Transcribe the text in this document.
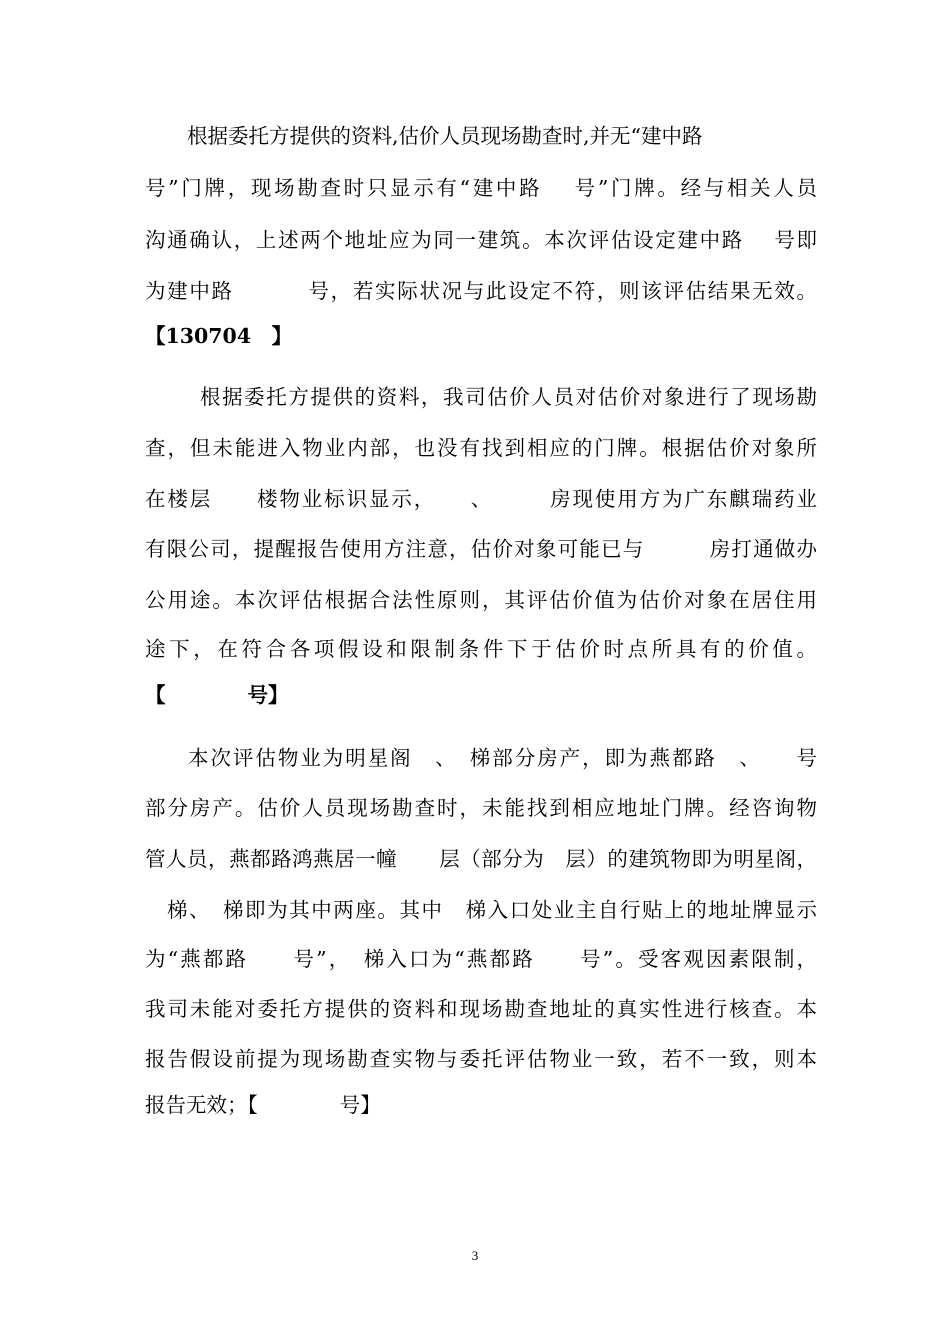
根据委托方提供的资料,估价人员现场勘查时,并无“建中路
号”门牌，现场勘查时只显示有“建中路　 号”门牌。经与相关人员
沟通确认，上述两个地址应为同一建筑。本次评估设定建中路　 号即
为建中路　　　 号，若实际状况与此设定不符，则该评估结果无效。
【130704　】
根据委托方提供的资料，我司估价人员对估价对象进行了现场勘
查，但未能进入物业内部，也没有找到相应的门牌。根据估价对象所
在楼层　　楼物业标识显示，　　、　　　房现使用方为广东麒瑞药业
有限公司，提醒报告使用方注意，估价对象可能已与　　　房打通做办
公用途。本次评估根据合法性原则，其评估价值为估价对象在居住用
途下，在符合各项假设和限制条件下于估价时点所具有的价值。
【　　　　号】
本次评估物业为明星阁　、　梯部分房产，即为燕都路　、　　号
部分房产。估价人员现场勘查时，未能找到相应地址门牌。经咨询物
管人员，燕都路鸿燕居一幢　　层（部分为　层）的建筑物即为明星阁，
　梯、　梯即为其中两座。其中　梯入口处业主自行贴上的地址牌显示
为“燕都路　　号”，　梯入口为“燕都路　　号”。受客观因素限制，
我司未能对委托方提供的资料和现场勘查地址的真实性进行核查。本
报告假设前提为现场勘查实物与委托评估物业一致，若不一致，则本
报告无效；【　　　　号】
3
